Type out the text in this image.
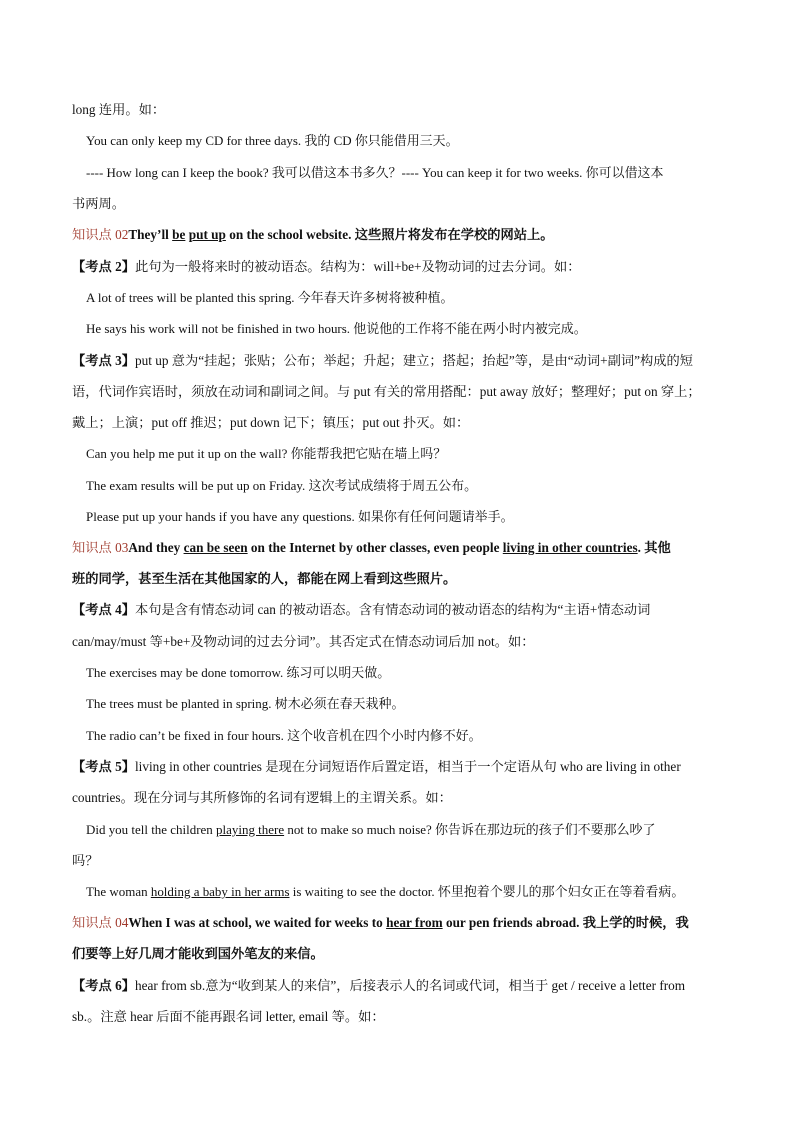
long 连用。如：
You can only keep my CD for three days. 我的 CD 你只能借用三天。
---- How long can I keep the book? 我可以借这本书多久？---- You can keep it for two weeks. 你可以借这本
书两周。
知识点 02They’ll be put up on the school website. 这些照片将发布在学校的网站上。
【考点 2】此句为一般将来时的被动语态。结构为：will+be+及物动词的过去分词。如：
A lot of trees will be planted this spring. 今年春天许多树将被种植。
He says his work will not be finished in two hours. 他说他的工作将不能在两小时内被完成。
【考点 3】put up 意为“挂起；张贴；公布；举起；升起；建立；搭起；抬起”等，是由“动词+副词”构成的短
语，代词作宾语时，须放在动词和副词之间。与 put 有关的常用搭配：put away 放好；整理好；put on 穿上；
戴上；上演；put off 推迟；put down 记下；镇压；put out 扑灭。如：
Can you help me put it up on the wall? 你能帮我把它贴在墙上吗？
The exam results will be put up on Friday. 这次考试成绩将于周五公布。
Please put up your hands if you have any questions. 如果你有任何问题请举手。
知识点 03And they can be seen on the Internet by other classes, even people living in other countries. 其他
班的同学，甚至生活在其他国家的人，都能在网上看到这些照片。
【考点 4】本句是含有情态动词 can 的被动语态。含有情态动词的被动语态的结构为“主语+情态动词
can/may/must 等+be+及物动词的过去分词”。其否定式在情态动词后加 not。如：
The exercises may be done tomorrow. 练习可以明天做。
The trees must be planted in spring. 树木必须在春天栽种。
The radio can’t be fixed in four hours. 这个收音机在四个小时内修不好。
【考点 5】living in other countries 是现在分词短语作后置定语，相当于一个定语从句 who are living in other
countries。现在分词与其所修饰的名词有逻辑上的主谓关系。如：
Did you tell the children playing there not to make so much noise? 你告诉在那边玩的孩子们不要那么吵了
吗？
The woman holding a baby in her arms is waiting to see the doctor. 怀里抱着个婴儿的那个妇女正在等着看病。
知识点 04When I was at school, we waited for weeks to hear from our pen friends abroad. 我上学的时候，我
们要等上好几周才能收到国外笔友的来信。
【考点 6】hear from sb.意为“收到某人的来信”，后接表示人的名词或代词，相当于 get / receive a letter from
sb.。注意 hear 后面不能再跟名词 letter, email 等。如：
